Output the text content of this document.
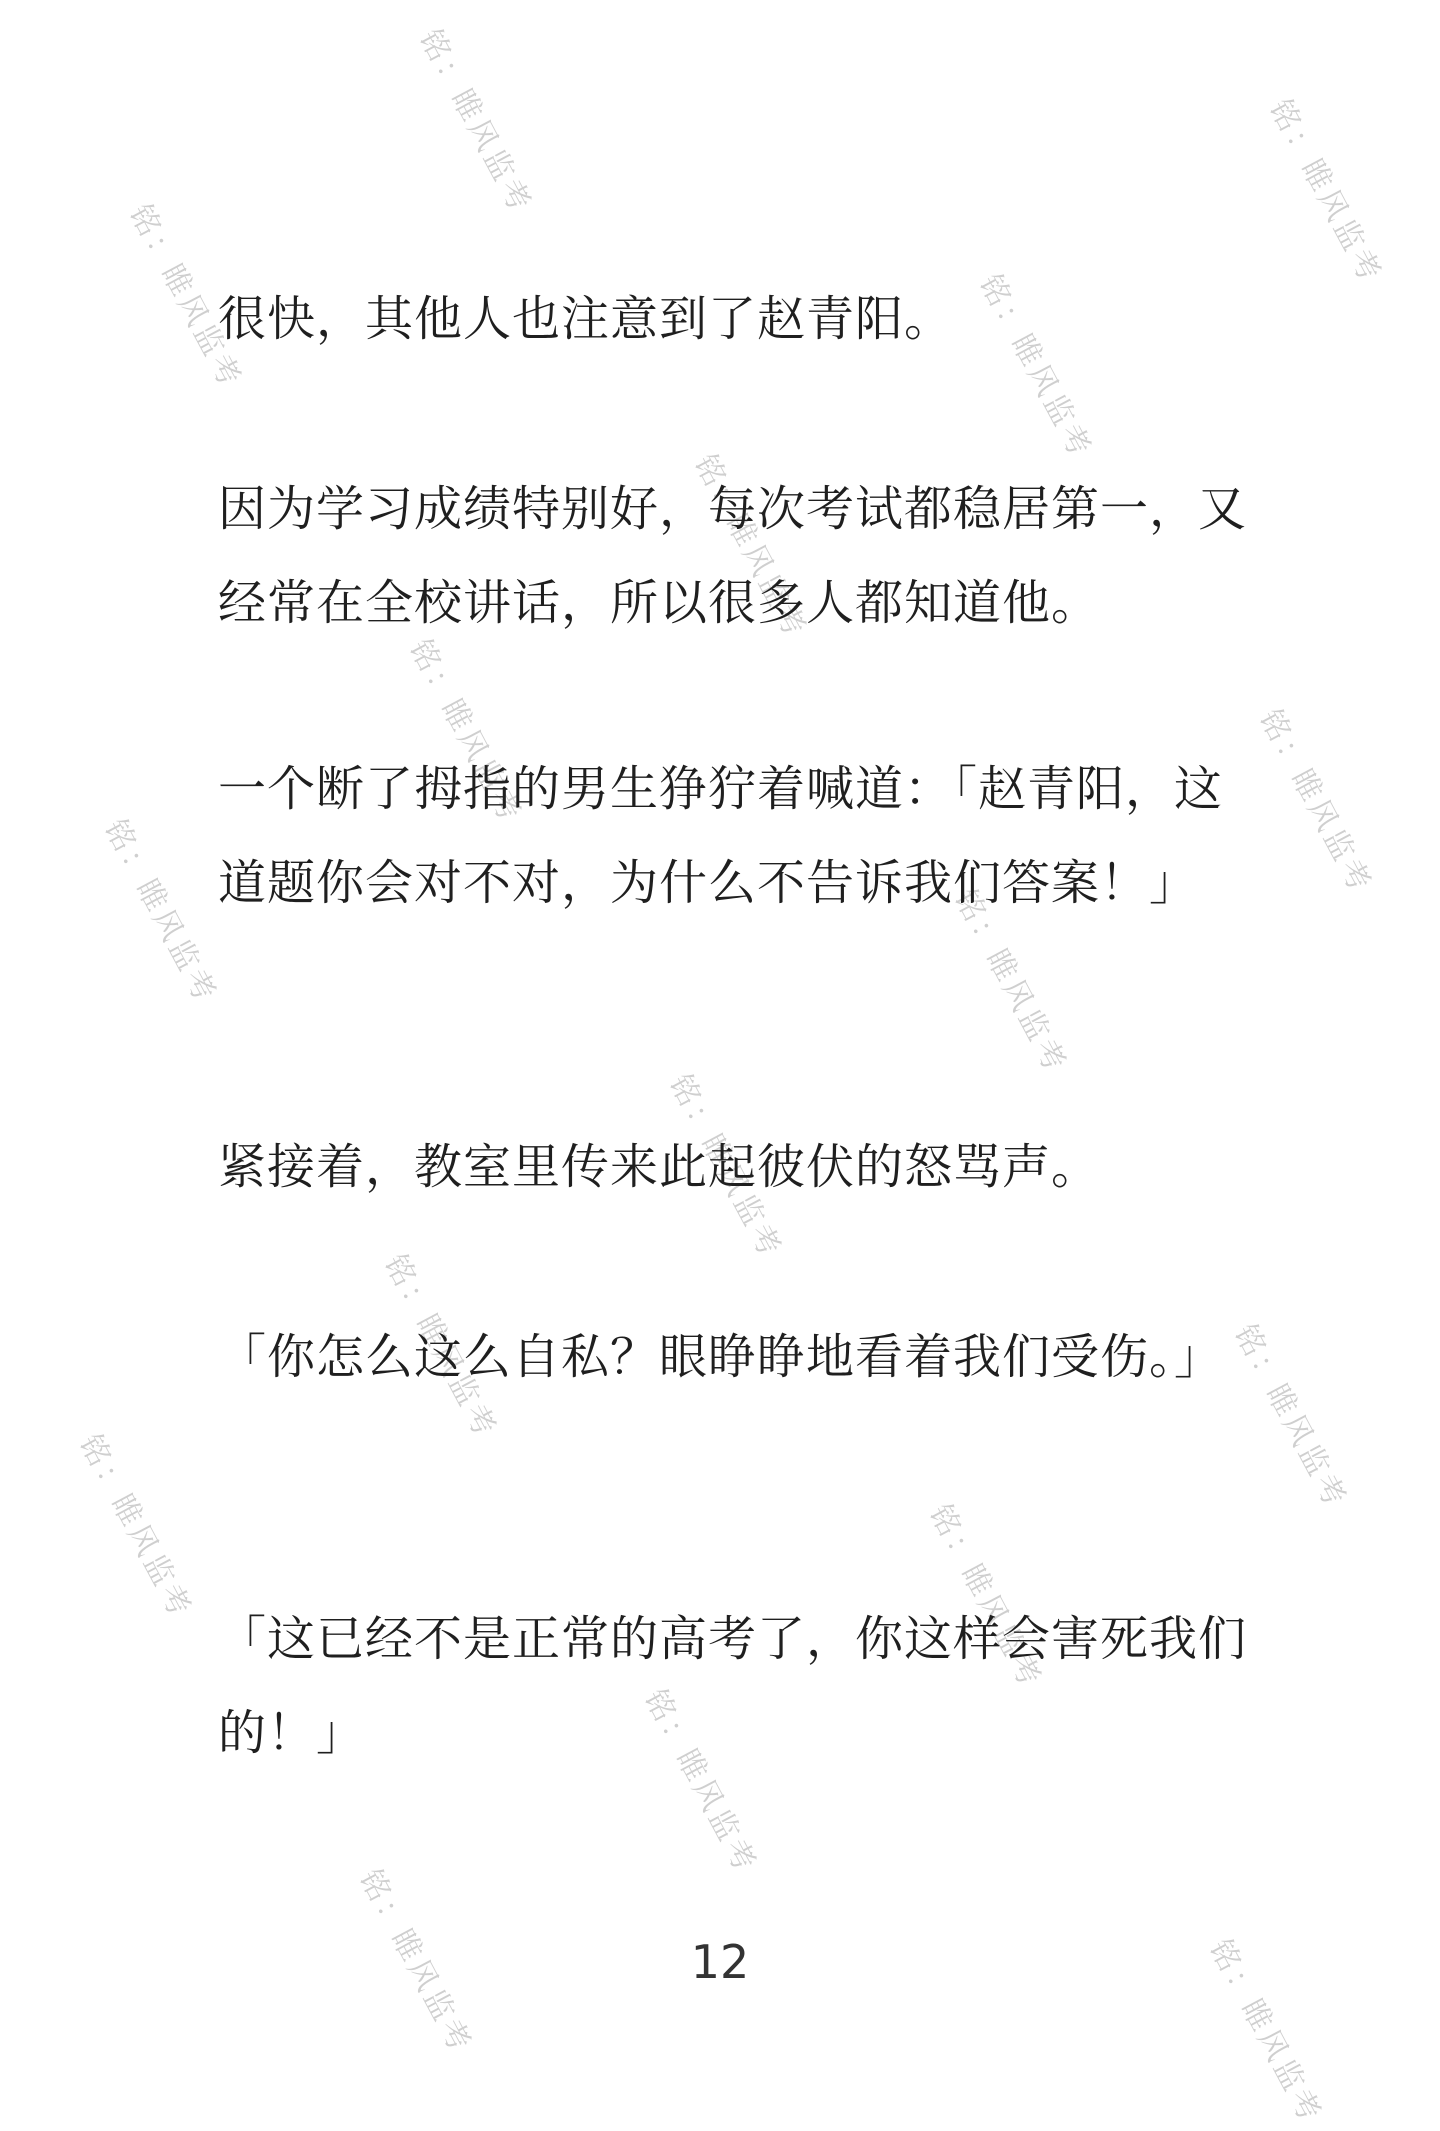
铭：睢风监考	铭：睢风监考
铭：睢风监考	铭：睢风监考
铭：睢风监考
铭：睢风监考	铭：睢风监考
铭：睢风监考	铭：睢风监考
铭：睢风监考
铭：睢风监考	铭：睢风监考
铭：睢风监考	铭：睢风监考
铭：睢风监考
铭：睢风监考	铭：睢风监考

很快，其他人也注意到了赵青阳。

因为学习成绩特别好，每次考试都稳居第一，又经常在全校讲话，所以很多人都知道他。

一个断了拇指的男生狰狞着喊道：「赵青阳，这道题你会对不对，为什么不告诉我们答案！」

紧接着，教室里传来此起彼伏的怒骂声。

「你怎么这么自私？眼睁睁地看着我们受伤。」

「这已经不是正常的高考了，你这样会害死我们的！」

12
